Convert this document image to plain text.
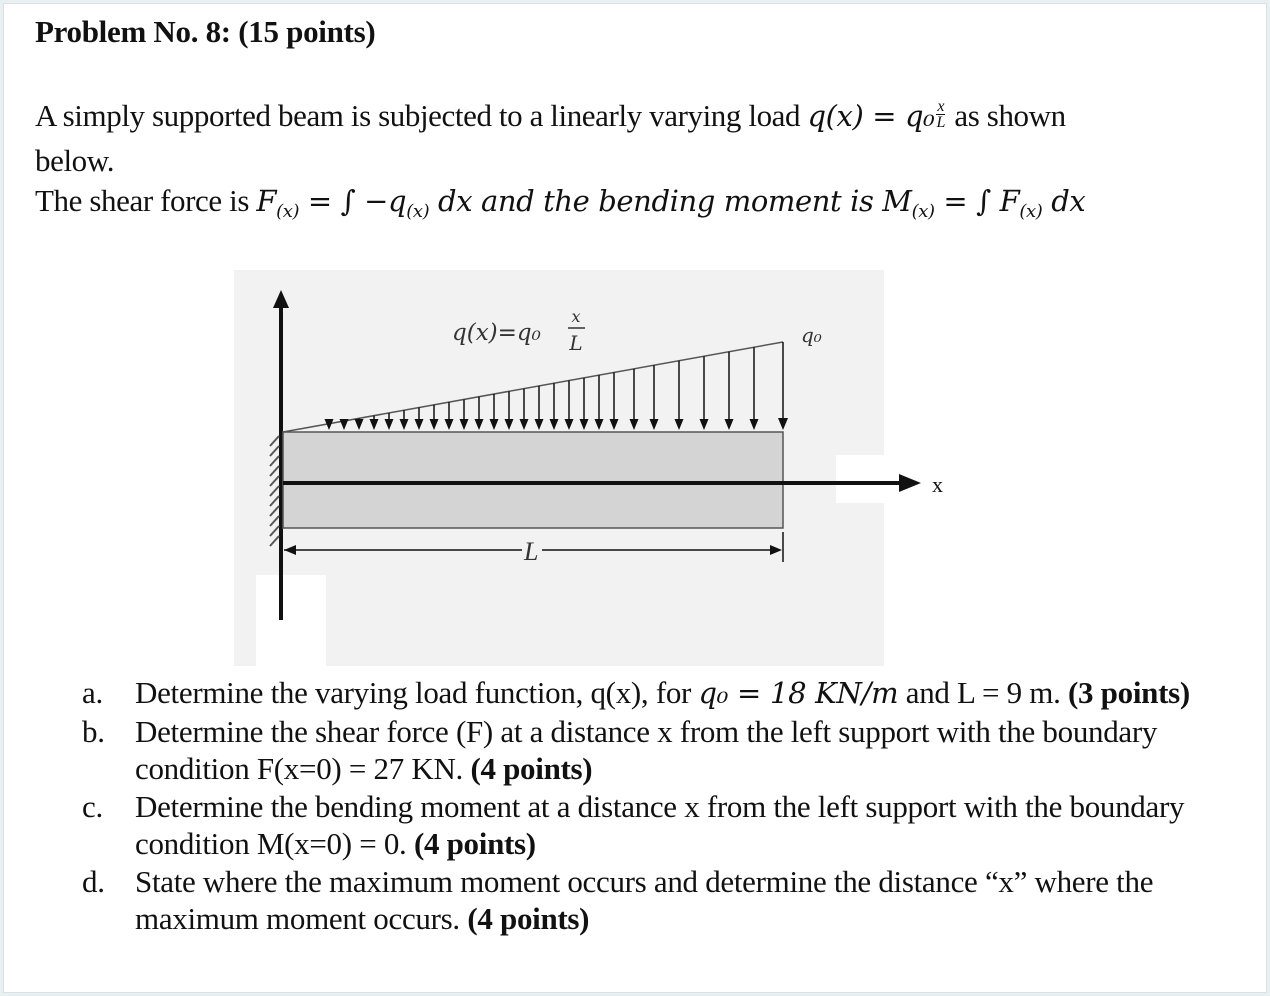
Problem No. 8: (15 points)
A simply supported beam is subjected to a linearly varying load $q(x) = q_0 \frac{x}{L}$ as shown
below.
The shear force is $F_{(x)}$ = ∫ $-q_{(x)}$ dx and the bending moment is $M_{(x)}$ = ∫ $F_{(x)}$ dx
x
L
q(x)=q₀
x
L	q₀
a. Determine the varying load function, q(x), for q₀ = 18 KN/m and L = 9 m. (3 points)
b. Determine the shear force (F) at a distance x from the left support with the boundary condition F(x=0) = 27 KN. (4 points)
c. Determine the bending moment at a distance x from the left support with the boundary condition M(x=0) = 0. (4 points)
d. State where the maximum moment occurs and determine the distance “x” where the maximum moment occurs. (4 points)
